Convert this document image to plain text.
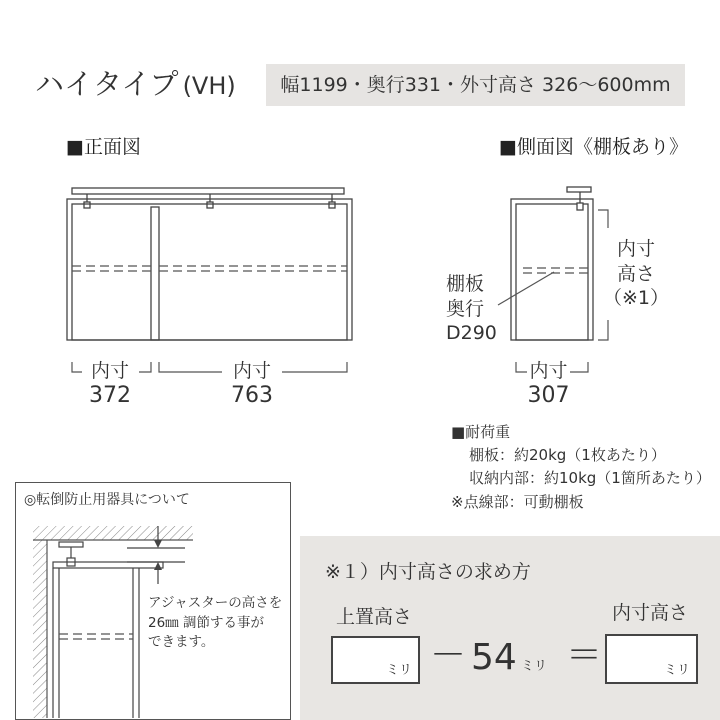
ハイタイプ (VH)	幅1199・奥行331・外寸高さ 326〜600mm
■正面図	■側面図《棚板あり》
内寸
372
内寸
763
内寸
307
内寸
高さ
（※1）
棚板
奥行
D290
■耐荷重
棚板：約20kg（1枚あたり）
収納内部：約10kg（1箇所あたり）
※点線部：可動棚板
◎転倒防止用器具について
アジャスターの高さを
26㎜ 調節する事が
できます。
※１）内寸高さの求め方
上置高さ	内寸高さ
ミリ － 54 ミリ ＝	ミリ
